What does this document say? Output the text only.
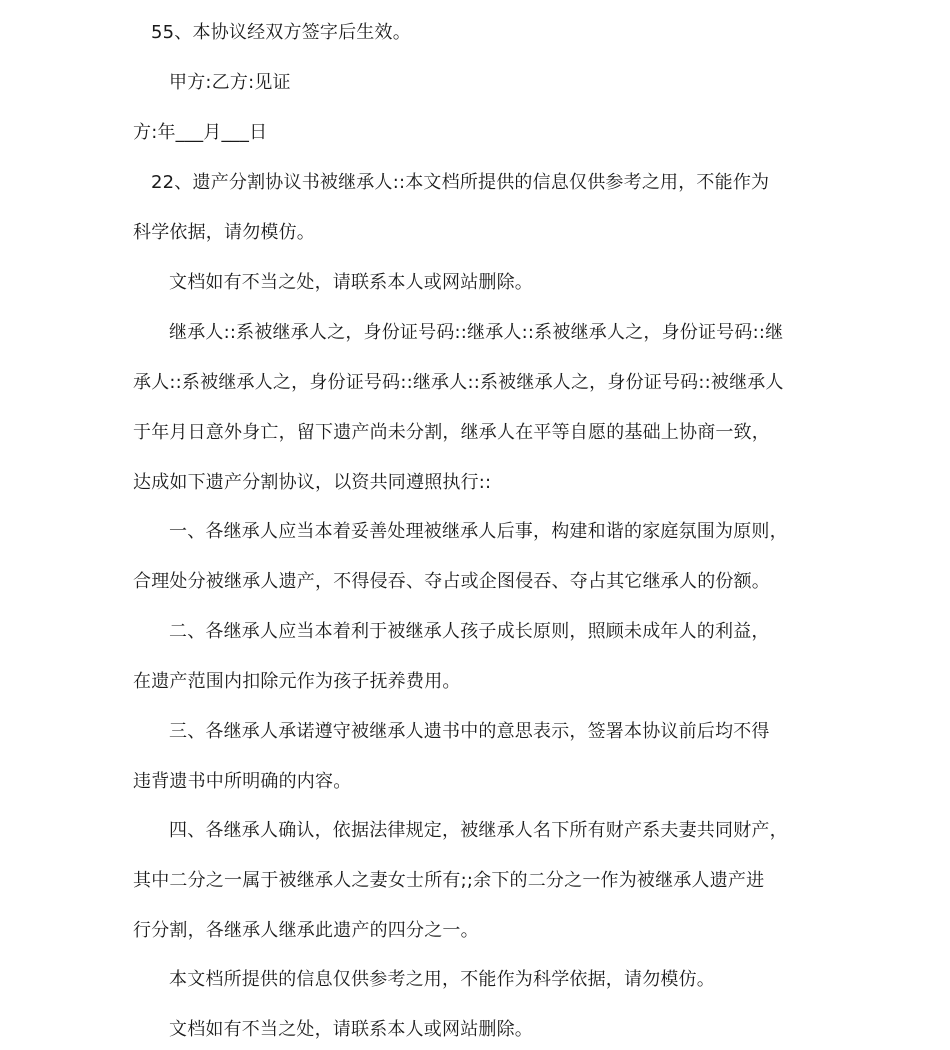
55、本协议经双方签字后生效。

甲方:乙方:见证

方:年___月___日

22、遗产分割协议书被继承人::本文档所提供的信息仅供参考之用，不能作为

科学依据，请勿模仿。

文档如有不当之处，请联系本人或网站删除。

继承人::系被继承人之，身份证号码::继承人::系被继承人之，身份证号码::继

承人::系被继承人之，身份证号码::继承人::系被继承人之，身份证号码::被继承人

于年月日意外身亡，留下遗产尚未分割，继承人在平等自愿的基础上协商一致，

达成如下遗产分割协议，以资共同遵照执行::

一、各继承人应当本着妥善处理被继承人后事，构建和谐的家庭氛围为原则，

合理处分被继承人遗产，不得侵吞、夺占或企图侵吞、夺占其它继承人的份额。

二、各继承人应当本着利于被继承人孩子成长原则，照顾未成年人的利益，

在遗产范围内扣除元作为孩子抚养费用。

三、各继承人承诺遵守被继承人遗书中的意思表示，签署本协议前后均不得

违背遗书中所明确的内容。

四、各继承人确认，依据法律规定，被继承人名下所有财产系夫妻共同财产，

其中二分之一属于被继承人之妻女士所有;;余下的二分之一作为被继承人遗产进

行分割，各继承人继承此遗产的四分之一。

本文档所提供的信息仅供参考之用，不能作为科学依据，请勿模仿。

文档如有不当之处，请联系本人或网站删除。
